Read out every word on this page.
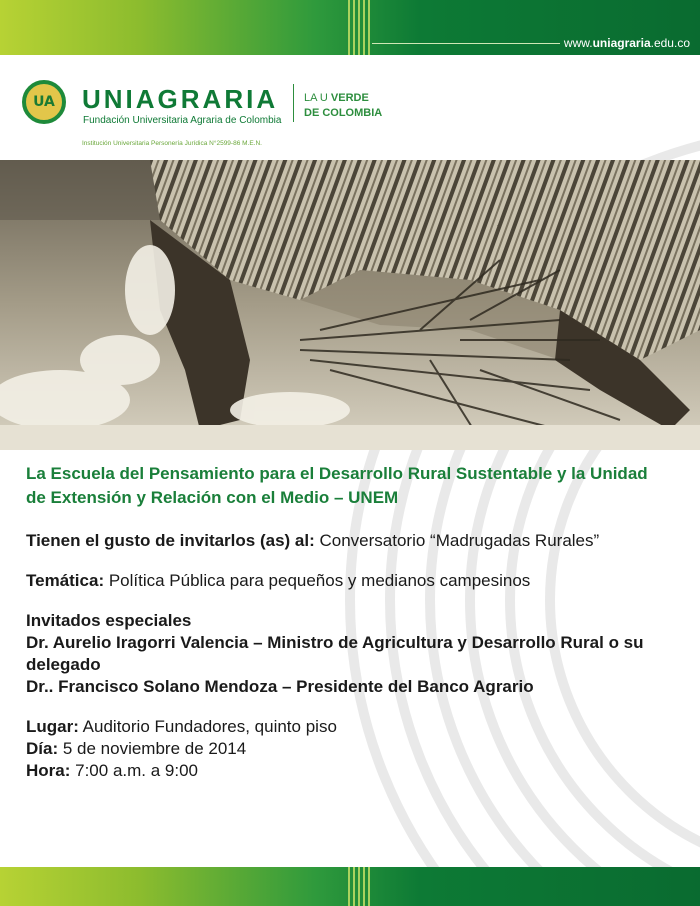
www.uniagraria.edu.co
UA UNIAGRARIA
Fundación Universitaria Agraria de Colombia
Institución Universitaria Personería Jurídica N°2599-86 M.E.N.
LA U VERDE
DE COLOMBIA

La Escuela del Pensamiento para el Desarrollo Rural Sustentable y la Unidad de Extensión y Relación con el Medio – UNEM

Tienen el gusto de invitarlos (as) al: Conversatorio “Madrugadas Rurales”

Temática: Política Pública para pequeños y medianos campesinos

Invitados especiales

Dr. Aurelio Iragorri Valencia – Ministro de Agricultura y Desarrollo Rural o su delegado

Dr.. Francisco Solano Mendoza – Presidente del Banco Agrario

Lugar: Auditorio Fundadores, quinto piso

Día: 5 de noviembre de 2014

Hora: 7:00 a.m. a 9:00
